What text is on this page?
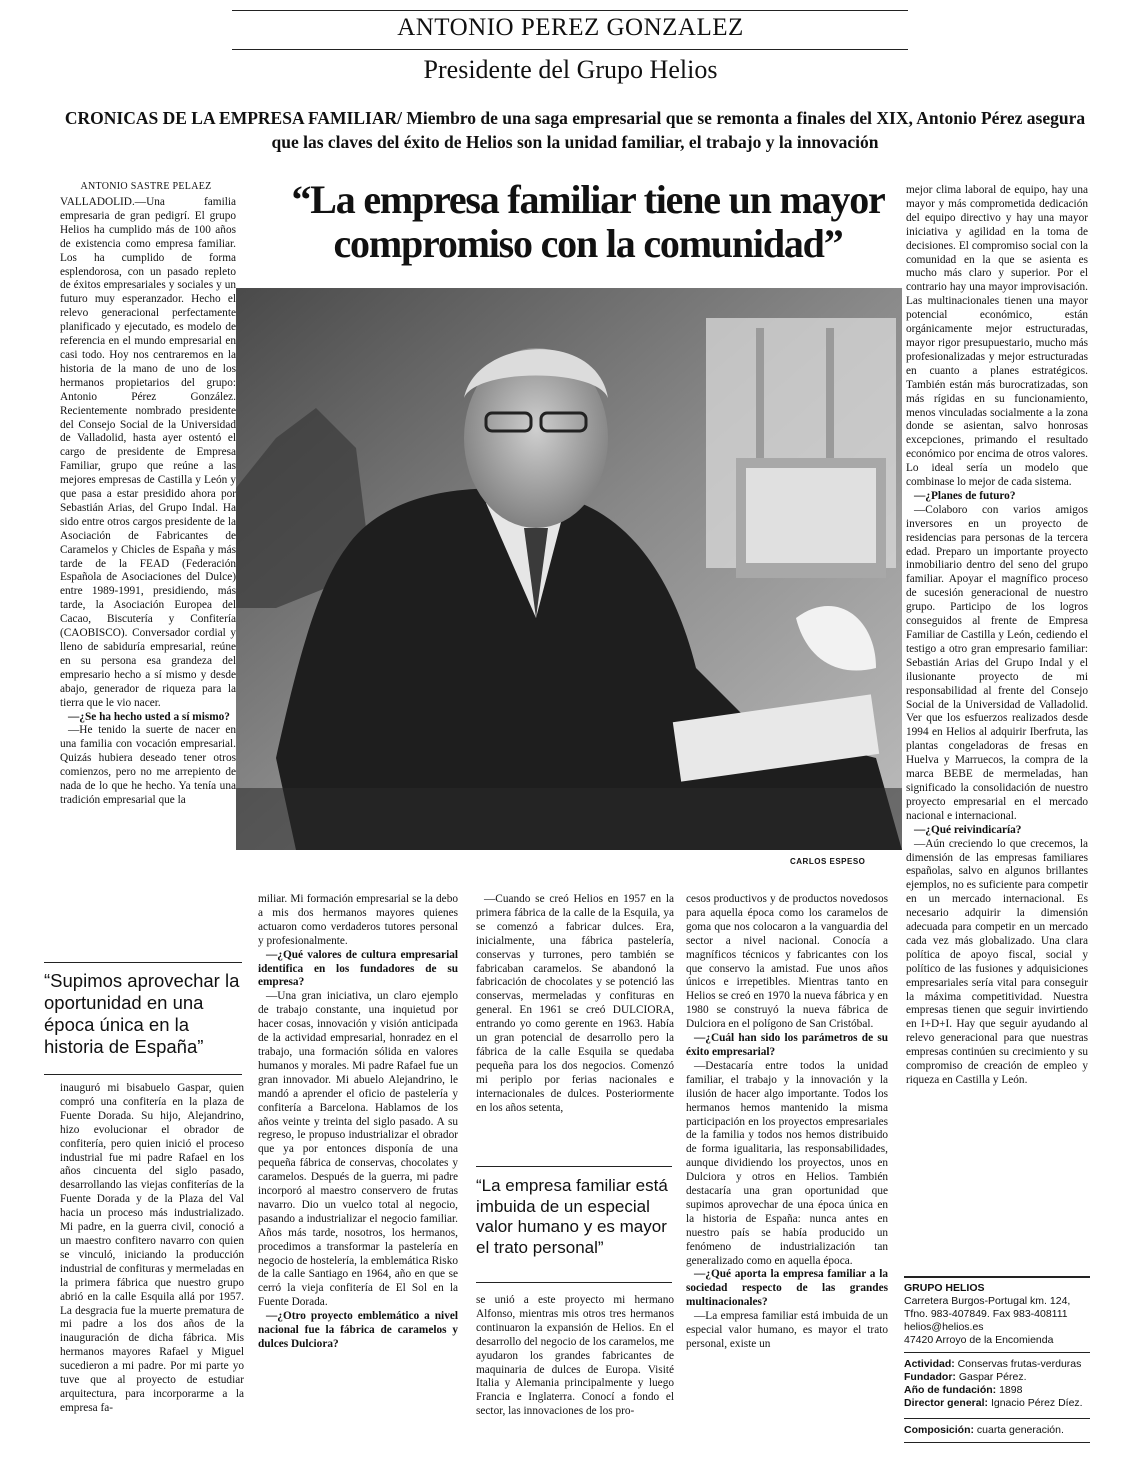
ANTONIO PEREZ GONZALEZ
Presidente del Grupo Helios
CRONICAS DE LA EMPRESA FAMILIAR/ Miembro de una saga empresarial que se remonta a finales del XIX, Antonio Pérez asegura que las claves del éxito de Helios son la unidad familiar, el trabajo y la innovación
“La empresa familiar tiene un mayor compromiso con la comunidad”
ANTONIO SASTRE PELAEZ

VALLADOLID.—Una familia empresaria de gran pedigrí. El grupo Helios ha cumplido más de 100 años de existencia como empresa familiar. Los ha cumplido de forma esplendorosa, con un pasado repleto de éxitos empresariales y sociales y un futuro muy esperanzador. Hecho el relevo generacional perfectamente planificado y ejecutado, es modelo de referencia en el mundo empresarial en casi todo. Hoy nos centraremos en la historia de la mano de uno de los hermanos propietarios del grupo: Antonio Pérez González. Recientemente nombrado presidente del Consejo Social de la Universidad de Valladolid, hasta ayer ostentó el cargo de presidente de Empresa Familiar, grupo que reúne a las mejores empresas de Castilla y León y que pasa a estar presidido ahora por Sebastián Arias, del Grupo Indal. Ha sido entre otros cargos presidente de la Asociación de Fabricantes de Caramelos y Chicles de España y más tarde de la FEAD (Federación Española de Asociaciones del Dulce) entre 1989-1991, presidiendo, más tarde, la Asociación Europea del Cacao, Biscutería y Confitería (CAOBISCO). Conversador cordial y lleno de sabiduría empresarial, reúne en su persona esa grandeza del empresario hecho a sí mismo y desde abajo, generador de riqueza para la tierra que le vio nacer.

—¿Se ha hecho usted a sí mismo?

—He tenido la suerte de nacer en una familia con vocación empresarial. Quizás hubiera deseado tener otros comienzos, pero no me arrepiento de nada de lo que he hecho. Ya tenía una tradición empresarial que la

CARLOS ESPESO

mejor clima laboral de equipo, hay una mayor y más comprometida dedicación del equipo directivo y hay una mayor iniciativa y agilidad en la toma de decisiones. El compromiso social con la comunidad en la que se asienta es mucho más claro y superior. Por el contrario hay una mayor improvisación. Las multinacionales tienen una mayor potencial económico, están orgánicamente mejor estructuradas, mayor rigor presupuestario, mucho más profesionalizadas y mejor estructuradas en cuanto a planes estratégicos. También están más burocratizadas, son más rígidas en su funcionamiento, menos vinculadas socialmente a la zona donde se asientan, salvo honrosas excepciones, primando el resultado económico por encima de otros valores. Lo ideal sería un modelo que combinase lo mejor de cada sistema.

—¿Planes de futuro?

—Colaboro con varios amigos inversores en un proyecto de residencias para personas de la tercera edad. Preparo un importante proyecto inmobiliario dentro del seno del grupo familiar. Apoyar el magnífico proceso de sucesión generacional de nuestro grupo. Participo de los logros conseguidos al frente de Empresa Familiar de Castilla y León, cediendo el testigo a otro gran empresario familiar: Sebastián Arias del Grupo Indal y el ilusionante proyecto de mi responsabilidad al frente del Consejo Social de la Universidad de Valladolid. Ver que los esfuerzos realizados desde 1994 en Helios al adquirir Iberfruta, las plantas congeladoras de fresas en Huelva y Marruecos, la compra de la marca BEBE de mermeladas, han significado la consolidación de nuestro proyecto empresarial en el mercado nacional e internacional.

—¿Qué reivindicaría?

—Aún creciendo lo que crecemos, la dimensión de las empresas familiares españolas, salvo en algunos brillantes ejemplos, no es suficiente para competir en un mercado internacional. Es necesario adquirir la dimensión adecuada para competir en un mercado cada vez más globalizado. Una clara política de apoyo fiscal, social y político de las fusiones y adquisiciones empresariales sería vital para conseguir la máxima competitividad. Nuestra empresas tienen que seguir invirtiendo en I+D+I. Hay que seguir ayudando al relevo generacional para que nuestras empresas continúen su crecimiento y su compromiso de creación de empleo y riqueza en Castilla y León.

“Supimos aprovechar la oportunidad en una época única en la historia de España”

inauguró mi bisabuelo Gaspar, quien compró una confitería en la plaza de Fuente Dorada. Su hijo, Alejandrino, hizo evolucionar el obrador de confitería, pero quien inició el proceso industrial fue mi padre Rafael en los años cincuenta del siglo pasado, desarrollando las viejas confiterías de la Fuente Dorada y de la Plaza del Val hacia un proceso más industrializado. Mi padre, en la guerra civil, conoció a un maestro confitero navarro con quien se vinculó, iniciando la producción industrial de confituras y mermeladas en la primera fábrica que nuestro grupo abrió en la calle Esquila allá por 1957. La desgracia fue la muerte prematura de mi padre a los dos años de la inauguración de dicha fábrica. Mis hermanos mayores Rafael y Miguel sucedieron a mi padre. Por mi parte yo tuve que al proyecto de estudiar arquitectura, para incorporarme a la empresa fa-

miliar. Mi formación empresarial se la debo a mis dos hermanos mayores quienes actuaron como verdaderos tutores personal y profesionalmente.

—¿Qué valores de cultura empresarial identifica en los fundadores de su empresa?

—Una gran iniciativa, un claro ejemplo de trabajo constante, una inquietud por hacer cosas, innovación y visión anticipada de la actividad empresarial, honradez en el trabajo, una formación sólida en valores humanos y morales. Mi padre Rafael fue un gran innovador. Mi abuelo Alejandrino, le mandó a aprender el oficio de pastelería y confitería a Barcelona. Hablamos de los años veinte y treinta del siglo pasado. A su regreso, le propuso industrializar el obrador que ya por entonces disponía de una pequeña fábrica de conservas, chocolates y caramelos. Después de la guerra, mi padre incorporó al maestro conservero de frutas navarro. Dio un vuelco total al negocio, pasando a industrializar el negocio familiar. Años más tarde, nosotros, los hermanos, procedimos a transformar la pastelería en negocio de hostelería, la emblemática Risko de la calle Santiago en 1964, año en que se cerró la vieja confitería de El Sol en la Fuente Dorada.

—¿Otro proyecto emblemático a nivel nacional fue la fábrica de caramelos y dulces Dulciora?

—Cuando se creó Helios en 1957 en la primera fábrica de la calle de la Esquila, ya se comenzó a fabricar dulces. Era, inicialmente, una fábrica pastelería, conservas y turrones, pero también se fabricaban caramelos. Se abandonó la fabricación de chocolates y se potenció las conservas, mermeladas y confituras en general. En 1961 se creó DULCIORA, entrando yo como gerente en 1963. Había un gran potencial de desarrollo pero la fábrica de la calle Esquila se quedaba pequeña para los dos negocios. Comenzó mi periplo por ferias nacionales e internacionales de dulces. Posteriormente en los años setenta,

“La empresa familiar está imbuida de un especial valor humano y es mayor el trato personal”

se unió a este proyecto mi hermano Alfonso, mientras mis otros tres hermanos continuaron la expansión de Helios. En el desarrollo del negocio de los caramelos, me ayudaron los grandes fabricantes de maquinaria de dulces de Europa. Visité Italia y Alemania principalmente y luego Francia e Inglaterra. Conocí a fondo el sector, las innovaciones de los pro-

cesos productivos y de productos novedosos para aquella época como los caramelos de goma que nos colocaron a la vanguardia del sector a nivel nacional. Conocía a magníficos técnicos y fabricantes con los que conservo la amistad. Fue unos años únicos e irrepetibles. Mientras tanto en Helios se creó en 1970 la nueva fábrica y en 1980 se construyó la nueva fábrica de Dulciora en el polígono de San Cristóbal.

—¿Cuál han sido los parámetros de su éxito empresarial?

—Destacaría entre todos la unidad familiar, el trabajo y la innovación y la ilusión de hacer algo importante. Todos los hermanos hemos mantenido la misma participación en los proyectos empresariales de la familia y todos nos hemos distribuido de forma igualitaria, las responsabilidades, aunque dividiendo los proyectos, unos en Dulciora y otros en Helios. También destacaría una gran oportunidad que supimos aprovechar de una época única en la historia de España: nunca antes en nuestro país se había producido un fenómeno de industrialización tan generalizado como en aquella época.

—¿Qué aporta la empresa familiar a la sociedad respecto de las grandes multinacionales?

—La empresa familiar está imbuida de un especial valor humano, es mayor el trato personal, existe un

GRUPO HELIOS
Carretera Burgos-Portugal km. 124,
Tfno. 983-407849. Fax 983-408111
helios@helios.es
47420 Arroyo de la Encomienda
Actividad: Conservas frutas-verduras
Fundador: Gaspar Pérez.
Año de fundación: 1898
Director general: Ignacio Pérez Díez.
Composición: cuarta generación.
